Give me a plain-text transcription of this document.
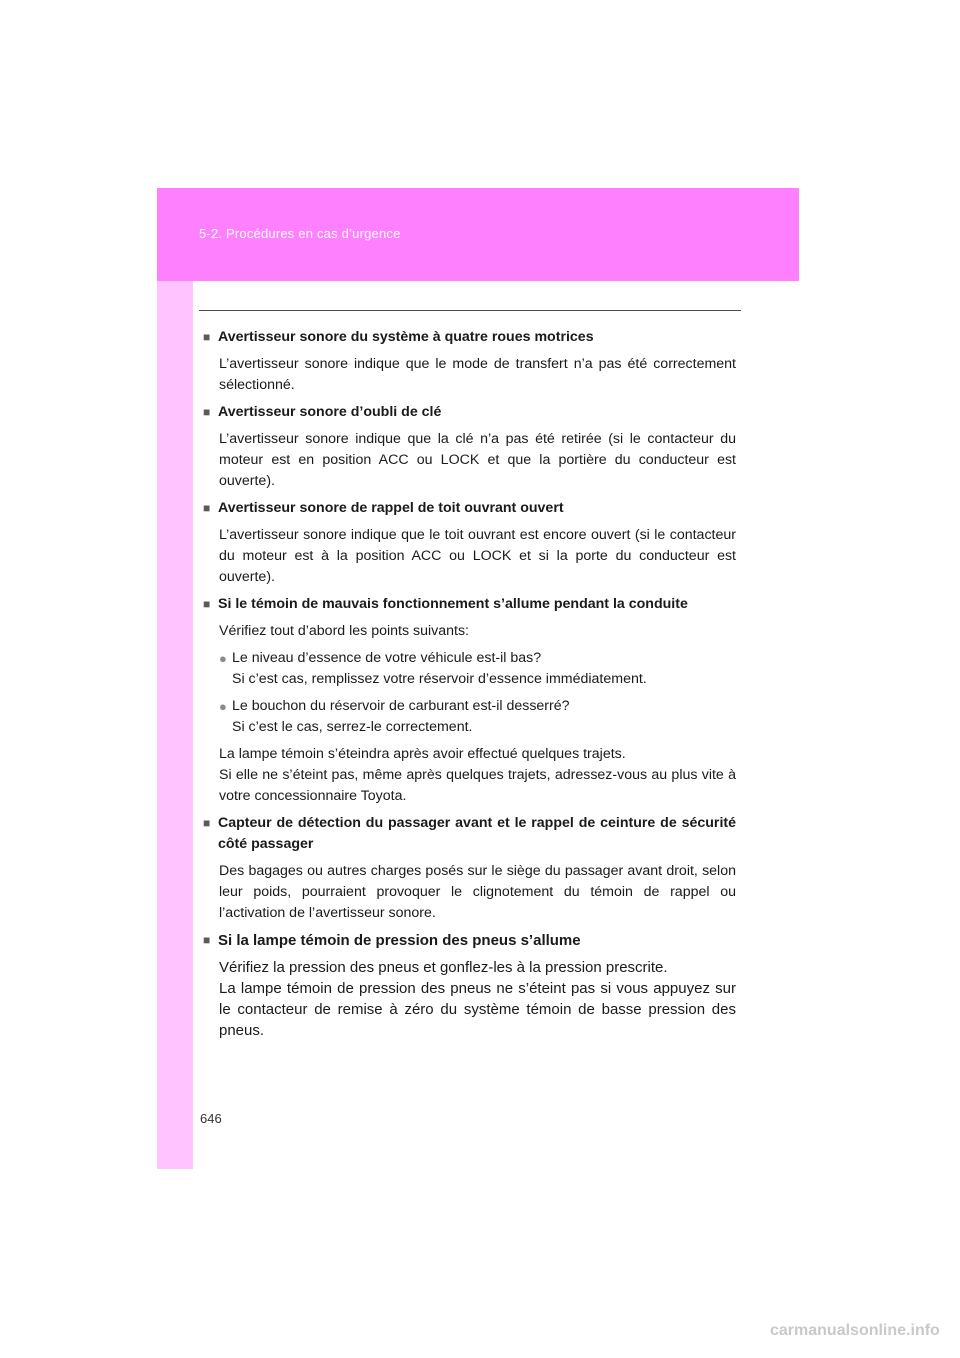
5-2. Procédures en cas d’urgence
■ Avertisseur sonore du système à quatre roues motrices
L’avertisseur sonore indique que le mode de transfert n’a pas été correctement sélectionné.
■ Avertisseur sonore d’oubli de clé
L’avertisseur sonore indique que la clé n’a pas été retirée (si le contacteur du moteur est en position ACC ou LOCK et que la portière du conducteur est ouverte).
■ Avertisseur sonore de rappel de toit ouvrant ouvert
L’avertisseur sonore indique que le toit ouvrant est encore ouvert (si le contacteur du moteur est à la position ACC ou LOCK et si la porte du conducteur est ouverte).
■ Si le témoin de mauvais fonctionnement s’allume pendant la conduite
Vérifiez tout d’abord les points suivants:
● Le niveau d’essence de votre véhicule est-il bas?
Si c’est cas, remplissez votre réservoir d’essence immédiatement.
● Le bouchon du réservoir de carburant est-il desserré?
Si c’est le cas, serrez-le correctement.
La lampe témoin s’éteindra après avoir effectué quelques trajets.
Si elle ne s’éteint pas, même après quelques trajets, adressez-vous au plus vite à votre concessionnaire Toyota.
■ Capteur de détection du passager avant et le rappel de ceinture de sécurité côté passager
Des bagages ou autres charges posés sur le siège du passager avant droit, selon leur poids, pourraient provoquer le clignotement du témoin de rappel ou l’activation de l’avertisseur sonore.
■ Si la lampe témoin de pression des pneus s’allume
Vérifiez la pression des pneus et gonflez-les à la pression prescrite.
La lampe témoin de pression des pneus ne s’éteint pas si vous appuyez sur le contacteur de remise à zéro du système témoin de basse pression des pneus.
646
carmanualsonline.info
